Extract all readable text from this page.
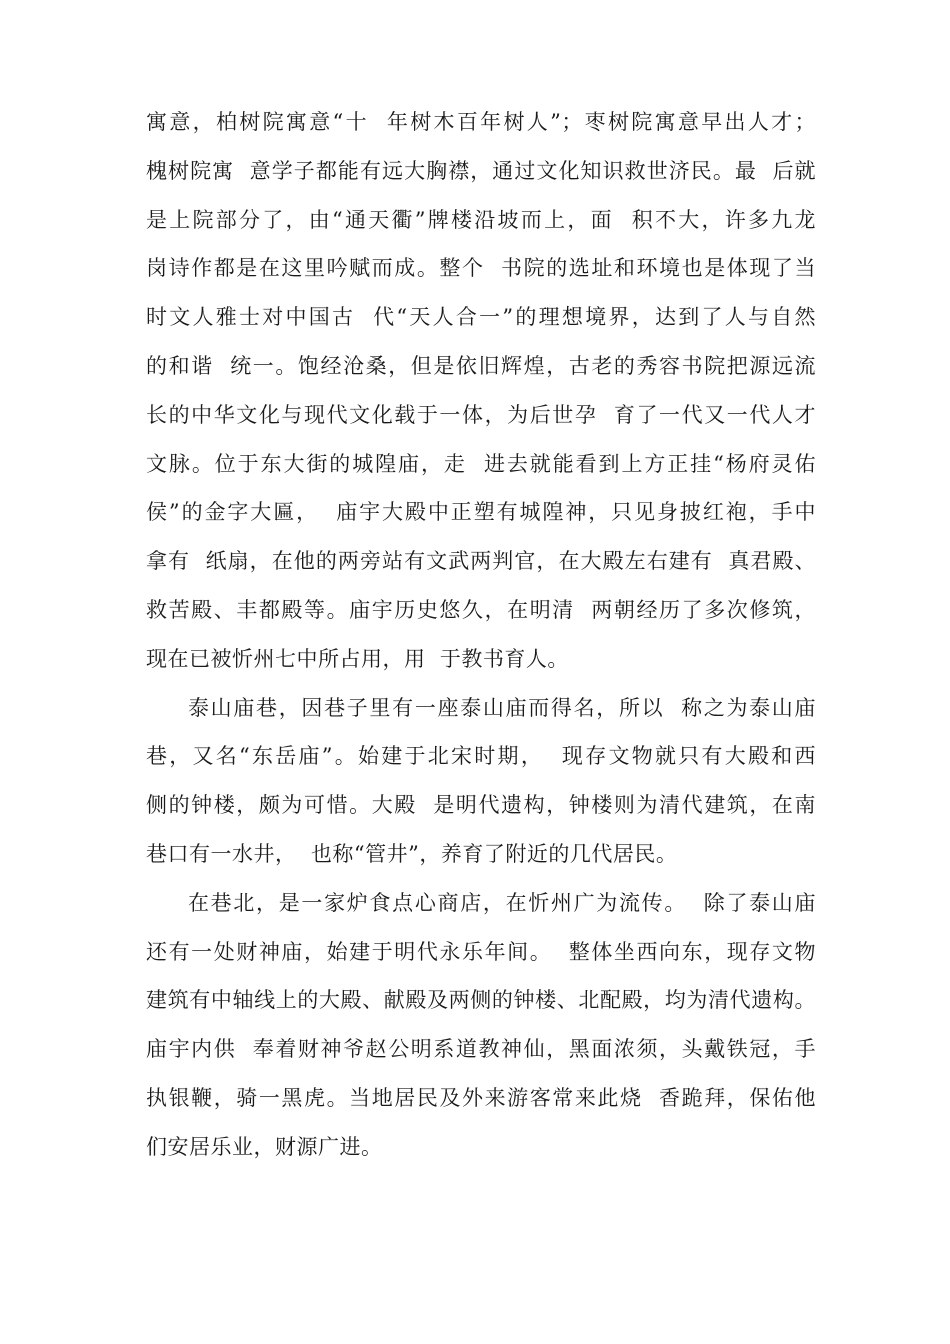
寓意，柏树院寓意“十  年树木百年树人”；枣树院寓意早出人才；
槐树院寓  意学子都能有远大胸襟，通过文化知识救世济民。最  后就
是上院部分了，由“通天衢”牌楼沿坡而上，面  积不大，许多九龙
岗诗作都是在这里吟赋而成。整个  书院的选址和环境也是体现了当
时文人雅士对中国古  代“天人合一”的理想境界，达到了人与自然
的和谐  统一。饱经沧桑，但是依旧辉煌，古老的秀容书院把源远流
长的中华文化与现代文化载于一体，为后世孕  育了一代又一代人才
文脉。位于东大街的城隍庙，走  进去就能看到上方正挂“杨府灵佑
侯”的金字大匾，  庙宇大殿中正塑有城隍神，只见身披红袍，手中
拿有  纸扇，在他的两旁站有文武两判官，在大殿左右建有  真君殿、
救苦殿、丰都殿等。庙宇历史悠久，在明清  两朝经历了多次修筑，
现在已被忻州七中所占用，用  于教书育人。
泰山庙巷，因巷子里有一座泰山庙而得名，所以  称之为泰山庙
巷，又名“东岳庙”。始建于北宋时期，  现存文物就只有大殿和西
侧的钟楼，颇为可惜。大殿  是明代遗构，钟楼则为清代建筑，在南
巷口有一水井，  也称“管井”，养育了附近的几代居民。
在巷北，是一家炉食点心商店，在忻州广为流传。  除了泰山庙
还有一处财神庙，始建于明代永乐年间。  整体坐西向东，现存文物
建筑有中轴线上的大殿、献殿及两侧的钟楼、北配殿，均为清代遗构。
庙宇内供  奉着财神爷赵公明系道教神仙，黑面浓须，头戴铁冠，手
执银鞭，骑一黑虎。当地居民及外来游客常来此烧  香跪拜，保佑他
们安居乐业，财源广进。
